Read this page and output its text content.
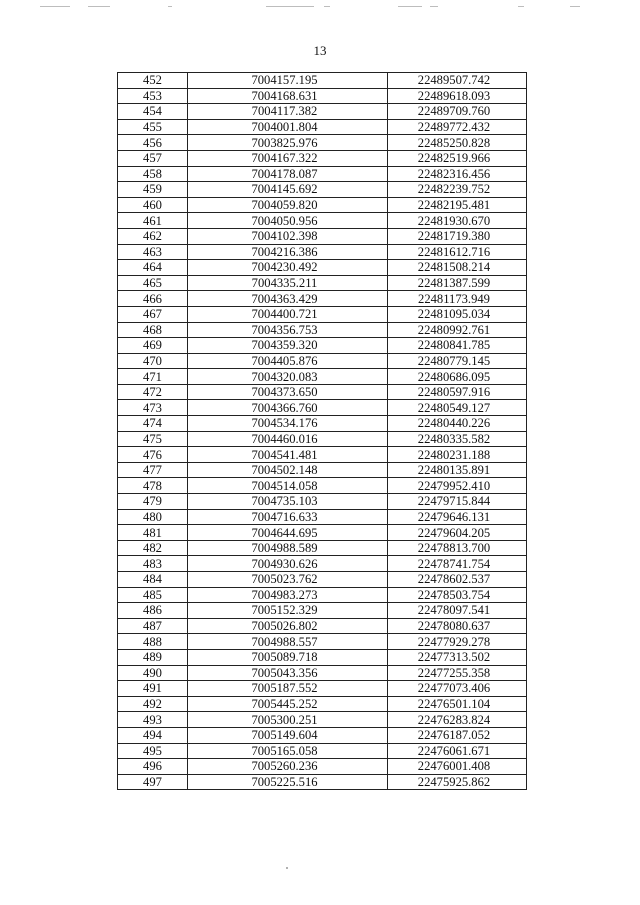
13
452	7004157.195	22489507.742
453	7004168.631	22489618.093
454	7004117.382	22489709.760
455	7004001.804	22489772.432
456	7003825.976	22485250.828
457	7004167.322	22482519.966
458	7004178.087	22482316.456
459	7004145.692	22482239.752
460	7004059.820	22482195.481
461	7004050.956	22481930.670
462	7004102.398	22481719.380
463	7004216.386	22481612.716
464	7004230.492	22481508.214
465	7004335.211	22481387.599
466	7004363.429	22481173.949
467	7004400.721	22481095.034
468	7004356.753	22480992.761
469	7004359.320	22480841.785
470	7004405.876	22480779.145
471	7004320.083	22480686.095
472	7004373.650	22480597.916
473	7004366.760	22480549.127
474	7004534.176	22480440.226
475	7004460.016	22480335.582
476	7004541.481	22480231.188
477	7004502.148	22480135.891
478	7004514.058	22479952.410
479	7004735.103	22479715.844
480	7004716.633	22479646.131
481	7004644.695	22479604.205
482	7004988.589	22478813.700
483	7004930.626	22478741.754
484	7005023.762	22478602.537
485	7004983.273	22478503.754
486	7005152.329	22478097.541
487	7005026.802	22478080.637
488	7004988.557	22477929.278
489	7005089.718	22477313.502
490	7005043.356	22477255.358
491	7005187.552	22477073.406
492	7005445.252	22476501.104
493	7005300.251	22476283.824
494	7005149.604	22476187.052
495	7005165.058	22476061.671
496	7005260.236	22476001.408
497	7005225.516	22475925.862
